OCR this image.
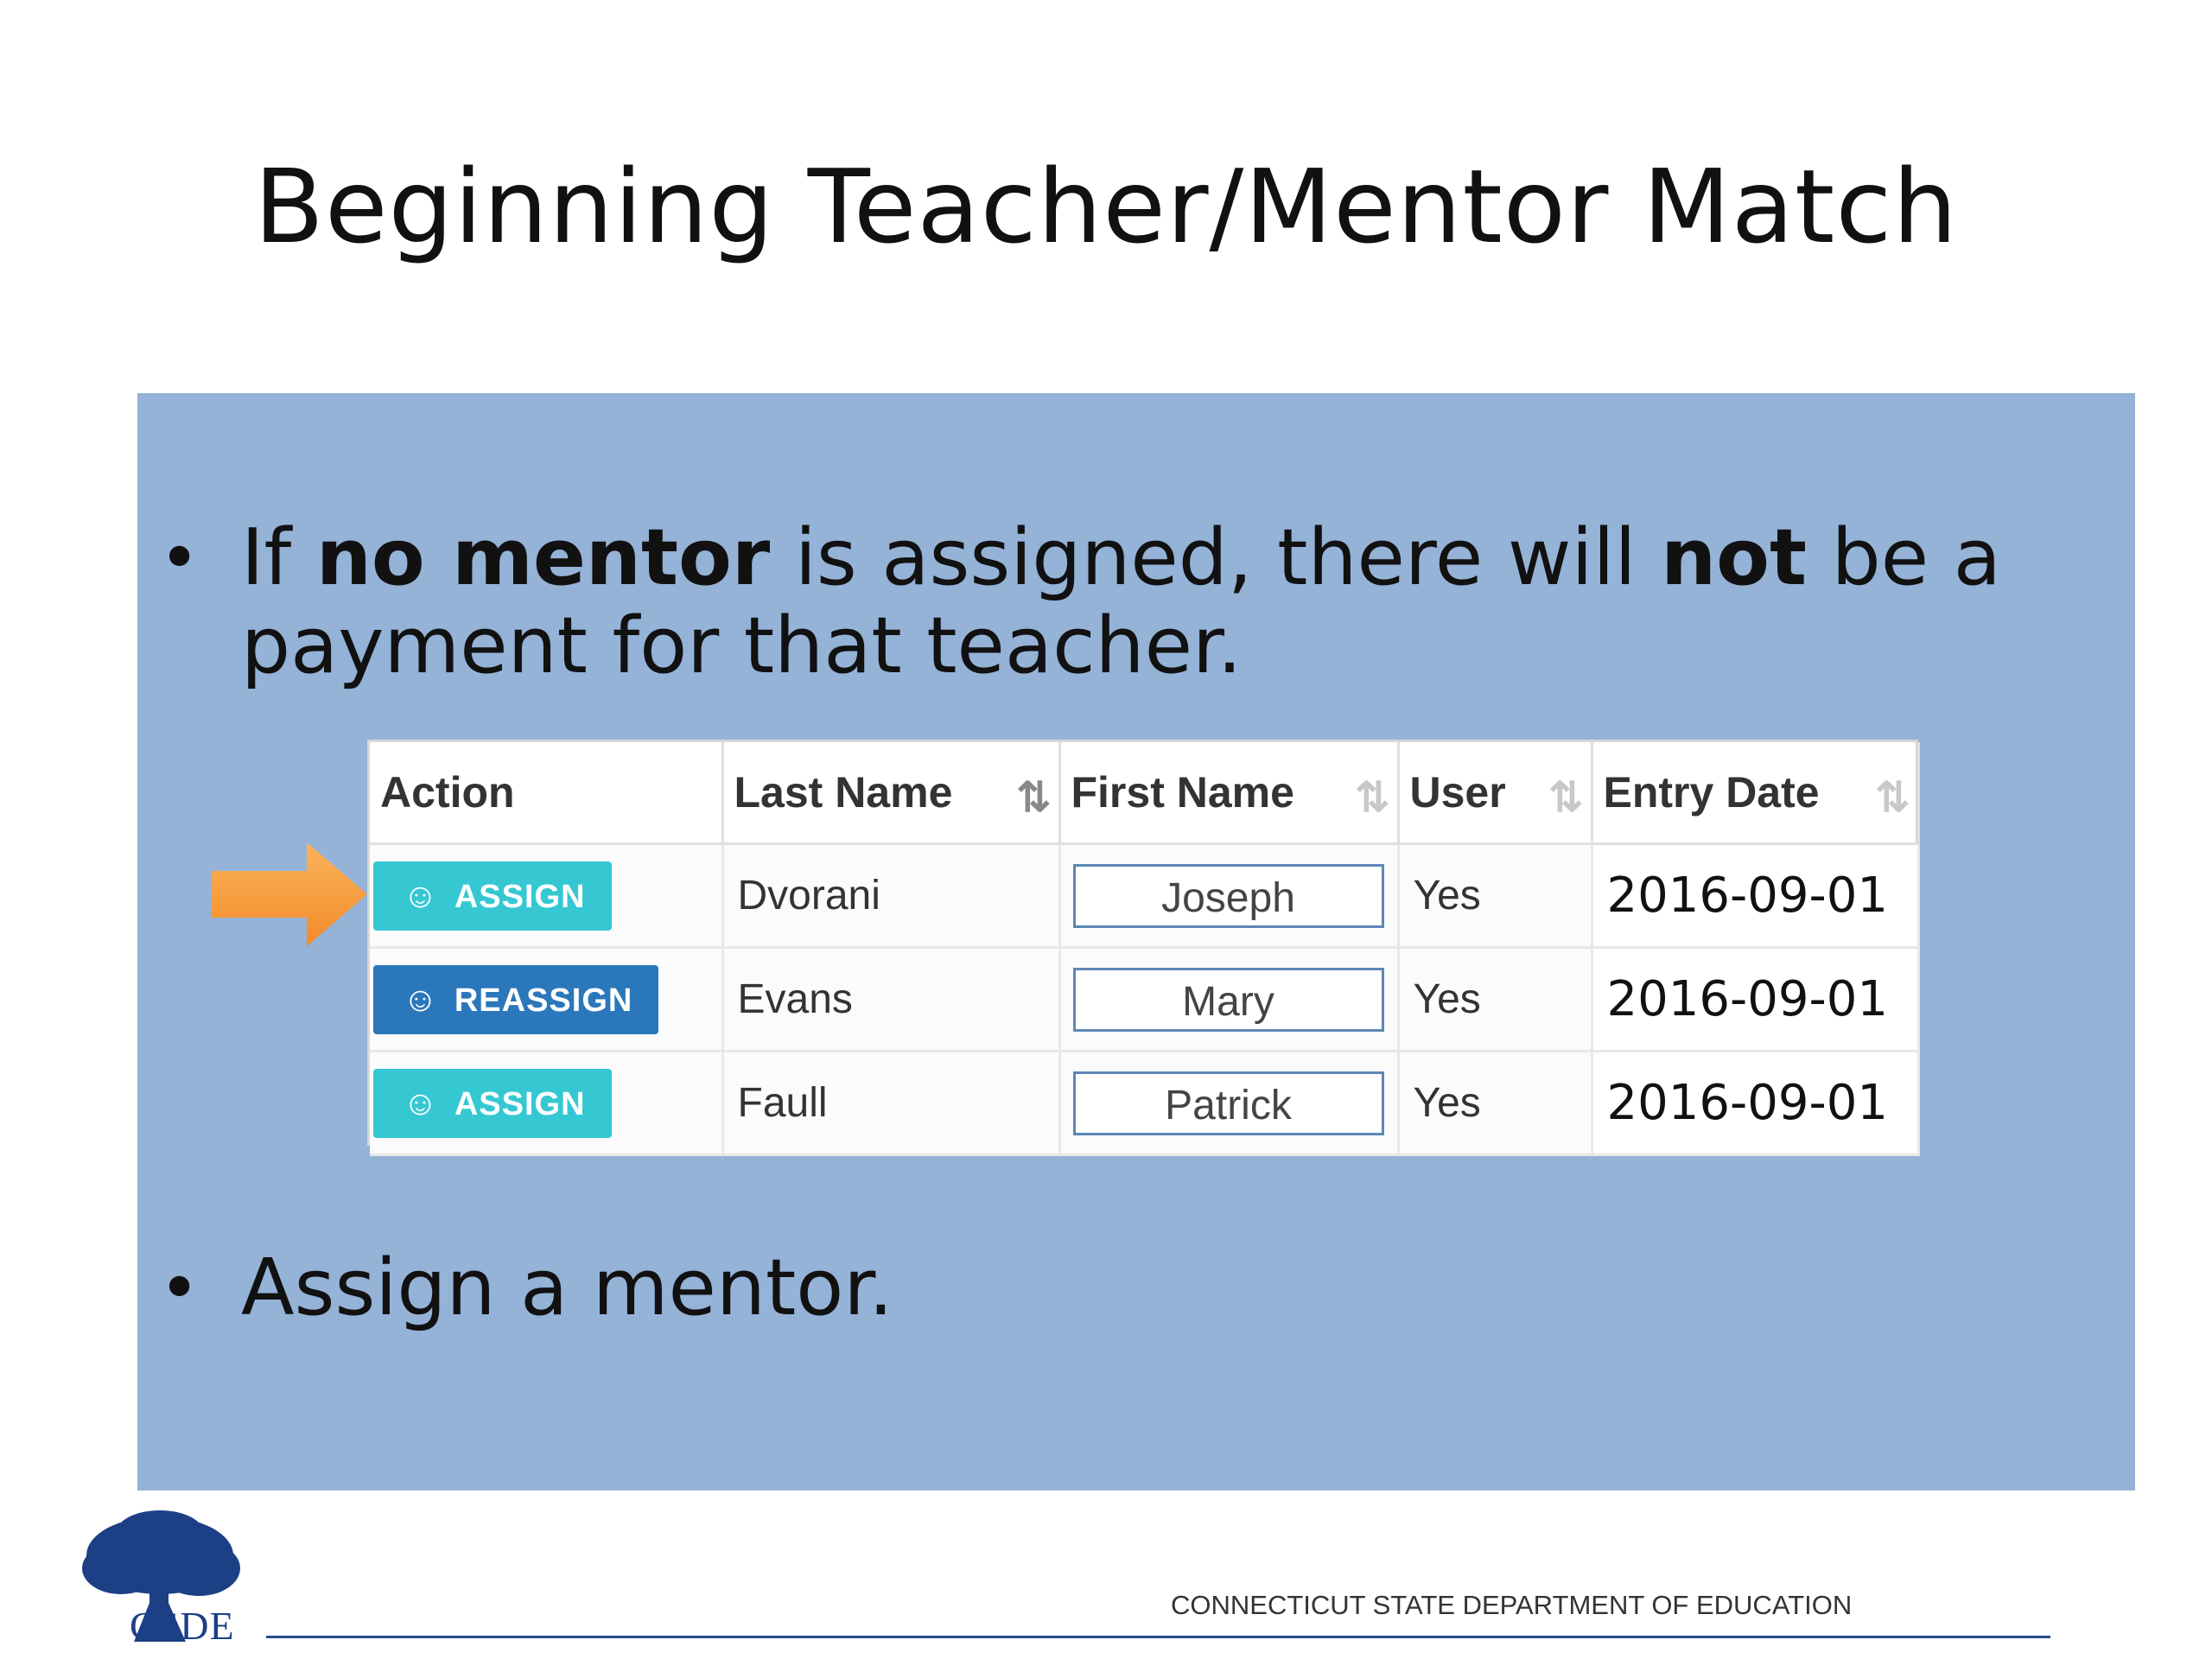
Beginning Teacher/Mentor Match
• If no mentor is assigned, there will not be a payment for that teacher.
• Assign a mentor.
Action	Last Name ⇅	First Name ⇅	User ⇅	Entry Date ⇅

☺ ASSIGN	Dvorani	Joseph	Yes	2016-09-01
☺ REASSIGN	Evans	Mary	Yes	2016-09-01
☺ ASSIGN	Faull	Patrick	Yes	2016-09-01
CSDE	CONNECTICUT STATE DEPARTMENT OF EDUCATION
